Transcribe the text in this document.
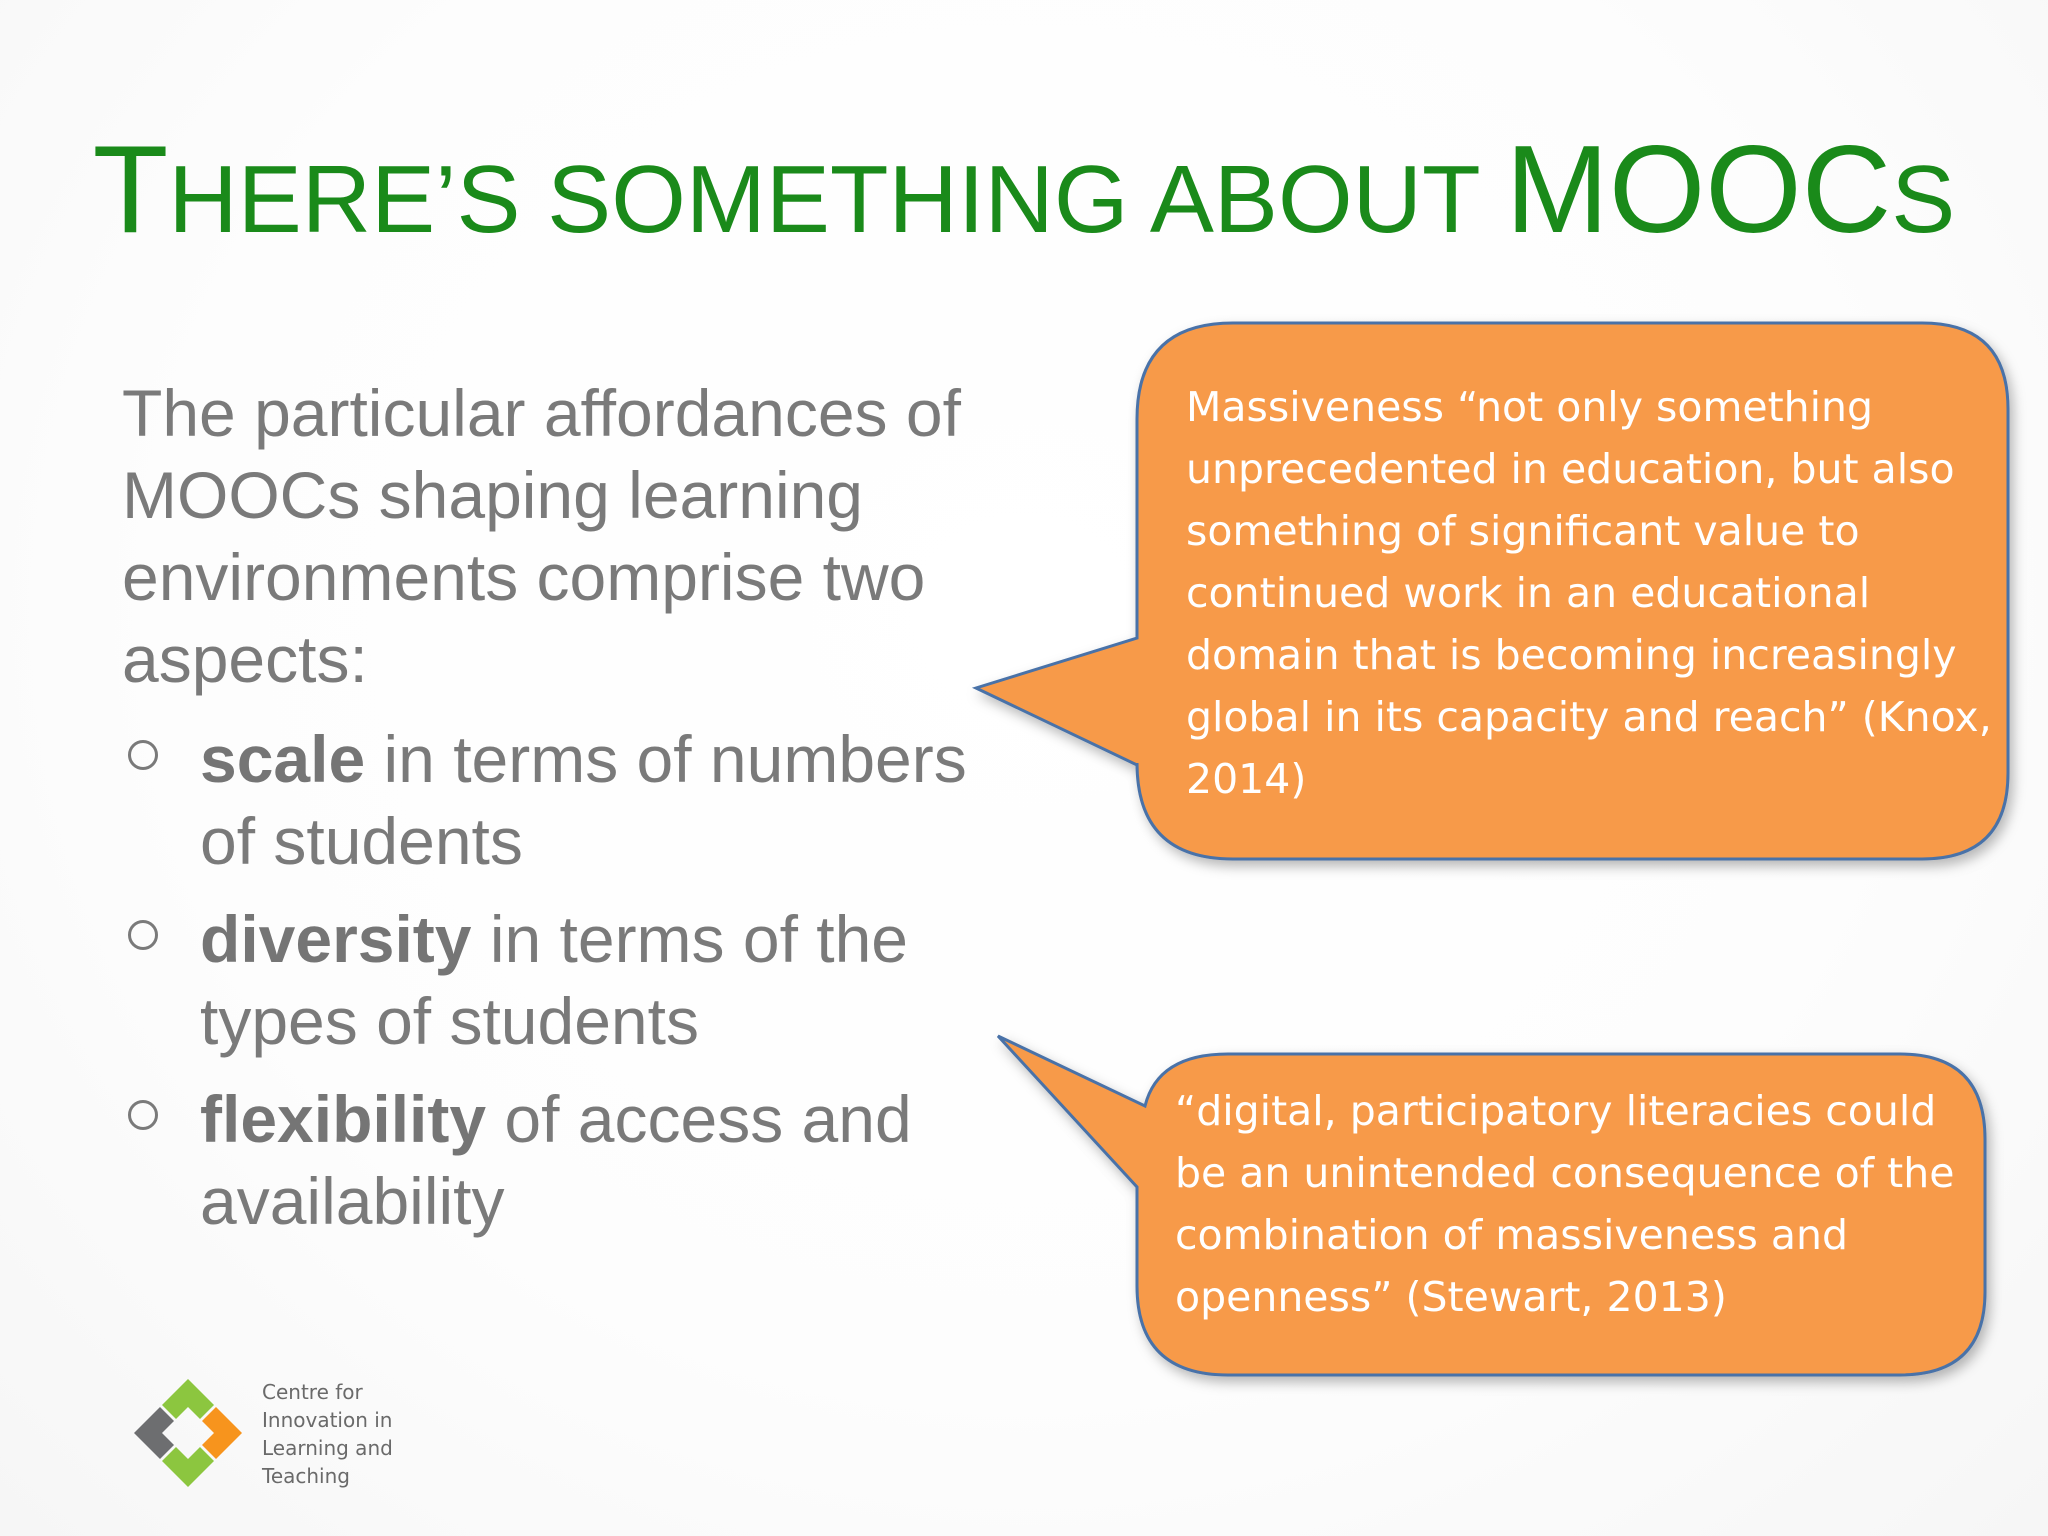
THERE’S SOMETHING ABOUT MOOCS

The particular affordances of MOOCs shaping learning environments comprise two aspects:

scale in terms of numbers of students
diversity in terms of the types of students
flexibility of access and availability

Massiveness “not only something unprecedented in education, but also something of significant value to continued work in an educational domain that is becoming increasingly global in its capacity and reach” (Knox, 2014)

“digital, participatory literacies could be an unintended consequence of the combination of massiveness and openness” (Stewart, 2013)

Centre for
Innovation in
Learning and
Teaching
